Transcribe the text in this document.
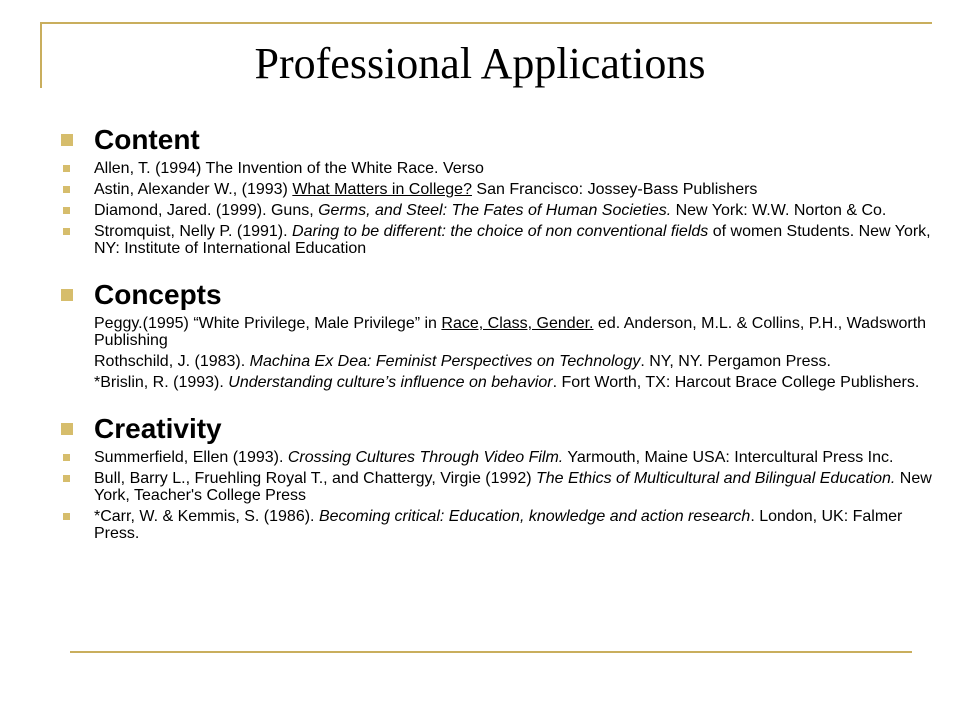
Professional Applications
Content
Allen, T. (1994) The Invention of the White Race. Verso
Astin, Alexander W., (1993) What Matters in College? San Francisco: Jossey-Bass Publishers
Diamond, Jared. (1999). Guns, Germs, and Steel: The Fates of Human Societies. New York: W.W. Norton & Co.
Stromquist, Nelly P. (1991). Daring to be different: the choice of non conventional fields of women Students. New York, NY: Institute of International Education
Concepts
Peggy.(1995) “White Privilege, Male Privilege” in Race, Class, Gender. ed. Anderson, M.L. & Collins, P.H., Wadsworth Publishing
Rothschild, J. (1983). Machina Ex Dea: Feminist Perspectives on Technology. NY, NY. Pergamon Press.
*Brislin, R. (1993). Understanding culture’s influence on behavior. Fort Worth, TX: Harcout Brace College Publishers.
Creativity
Summerfield, Ellen (1993). Crossing Cultures Through Video Film. Yarmouth, Maine USA: Intercultural Press Inc.
Bull, Barry L., Fruehling Royal T., and Chattergy, Virgie (1992) The Ethics of Multicultural and Bilingual Education. New York, Teacher's College Press
*Carr, W. & Kemmis, S. (1986). Becoming critical: Education, knowledge and action research. London, UK: Falmer Press.
